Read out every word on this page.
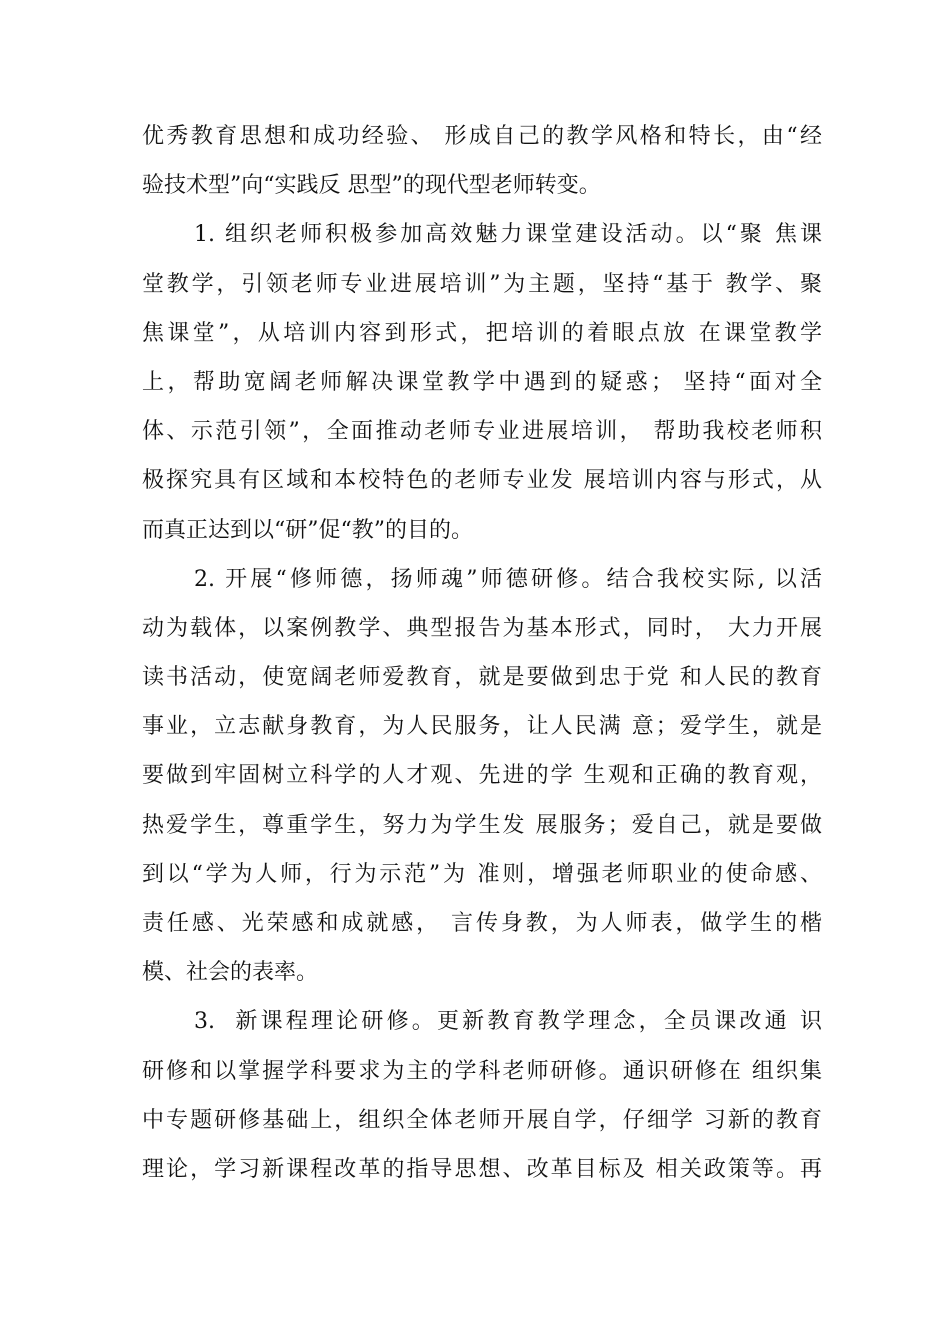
优秀教育思想和成功经验、 形成自己的教学风格和特长，由“经
验技术型”向“实践反 思型”的现代型老师转变。
1. 组织老师积极参加高效魅力课堂建设活动。以“聚 焦课
堂教学，引领老师专业进展培训”为主题，坚持“基于 教学、聚
焦课堂”，从培训内容到形式，把培训的着眼点放 在课堂教学
上，帮助宽阔老师解决课堂教学中遇到的疑惑； 坚持“面对全
体、示范引领”，全面推动老师专业进展培训， 帮助我校老师积
极探究具有区域和本校特色的老师专业发 展培训内容与形式，从
而真正达到以“研”促“教”的目的。
2. 开展“修师德，扬师魂”师德研修。结合我校实际, 以活
动为载体，以案例教学、典型报告为基本形式，同时， 大力开展
读书活动，使宽阔老师爱教育，就是要做到忠于党 和人民的教育
事业，立志献身教育，为人民服务，让人民满 意；爱学生，就是
要做到牢固树立科学的人才观、先进的学 生观和正确的教育观，
热爱学生，尊重学生，努力为学生发 展服务；爱自己，就是要做
到以“学为人师，行为示范”为 准则，增强老师职业的使命感、
责任感、光荣感和成就感， 言传身教，为人师表，做学生的楷
模、社会的表率。
3.  新课程理论研修。更新教育教学理念，全员课改通 识
研修和以掌握学科要求为主的学科老师研修。通识研修在 组织集
中专题研修基础上，组织全体老师开展自学，仔细学 习新的教育
理论，学习新课程改革的指导思想、改革目标及 相关政策等。再
